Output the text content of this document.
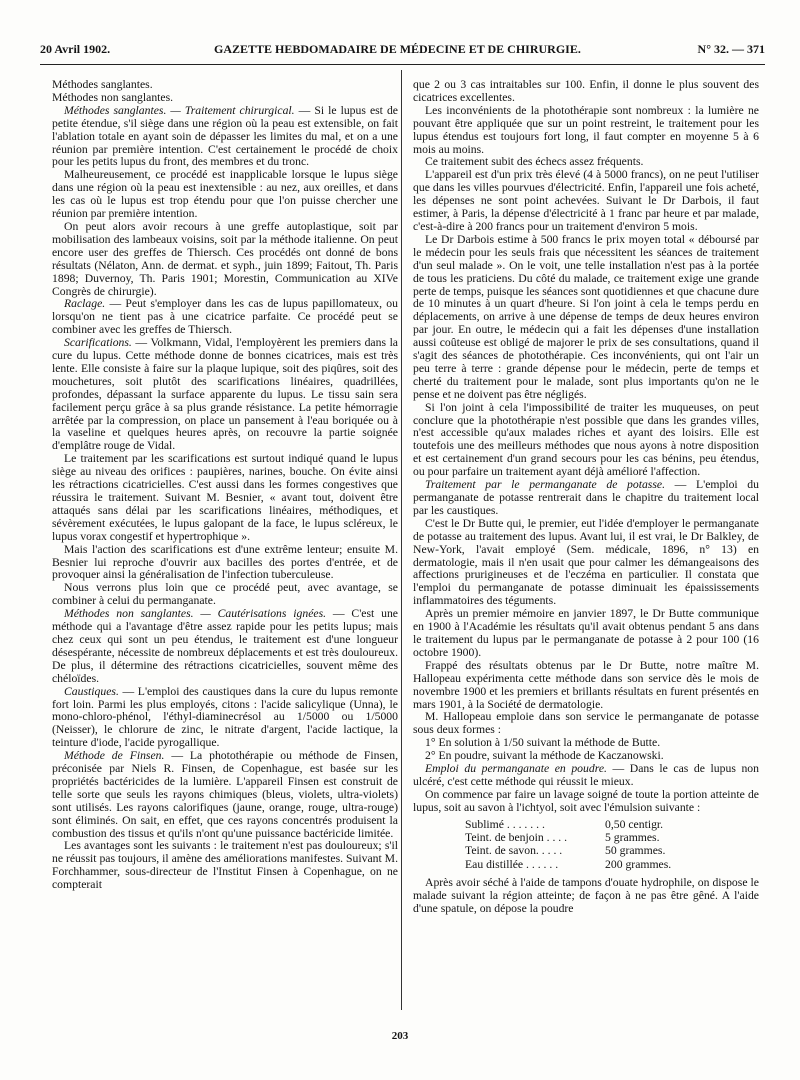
20 Avril 1902.	GAZETTE HEBDOMADAIRE DE MÉDECINE ET DE CHIRURGIE.	N° 32. — 371

Méthodes sanglantes.

Méthodes non sanglantes.

Méthodes sanglantes. — Traitement chirurgical. — Si le lupus est de petite étendue, s'il siège dans une région où la peau est extensible, on fait l'ablation totale en ayant soin de dépasser les limites du mal, et on a une réunion par première intention. C'est certainement le procédé de choix pour les petits lupus du front, des membres et du tronc.

Malheureusement, ce procédé est inapplicable lorsque le lupus siège dans une région où la peau est inextensible : au nez, aux oreilles, et dans les cas où le lupus est trop étendu pour que l'on puisse chercher une réunion par première intention.

On peut alors avoir recours à une greffe autoplastique, soit par mobilisation des lambeaux voisins, soit par la méthode italienne. On peut encore user des greffes de Thiersch. Ces procédés ont donné de bons résultats (Nélaton, Ann. de dermat. et syph., juin 1899; Faitout, Th. Paris 1898; Duvernoy, Th. Paris 1901; Morestin, Communication au XIVe Congrès de chirurgie).

Raclage. — Peut s'employer dans les cas de lupus papillomateux, ou lorsqu'on ne tient pas à une cicatrice parfaite. Ce procédé peut se combiner avec les greffes de Thiersch.

Scarifications. — Volkmann, Vidal, l'employèrent les premiers dans la cure du lupus. Cette méthode donne de bonnes cicatrices, mais est très lente. Elle consiste à faire sur la plaque lupique, soit des piqûres, soit des mouchetures, soit plutôt des scarifications linéaires, quadrillées, profondes, dépassant la surface apparente du lupus. Le tissu sain sera facilement perçu grâce à sa plus grande résistance. La petite hémorragie arrêtée par la compression, on place un pansement à l'eau boriquée ou à la vaseline et quelques heures après, on recouvre la partie soignée d'emplâtre rouge de Vidal.

Le traitement par les scarifications est surtout indiqué quand le lupus siège au niveau des orifices : paupières, narines, bouche. On évite ainsi les rétractions cicatricielles. C'est aussi dans les formes congestives que réussira le traitement. Suivant M. Besnier, « avant tout, doivent être attaqués sans délai par les scarifications linéaires, méthodiques, et sévèrement exécutées, le lupus galopant de la face, le lupus scléreux, le lupus vorax congestif et hypertrophique ».

Mais l'action des scarifications est d'une extrême lenteur; ensuite M. Besnier lui reproche d'ouvrir aux bacilles des portes d'entrée, et de provoquer ainsi la généralisation de l'infection tuberculeuse.

Nous verrons plus loin que ce procédé peut, avec avantage, se combiner à celui du permanganate.

Méthodes non sanglantes. — Cautérisations ignées. — C'est une méthode qui a l'avantage d'être assez rapide pour les petits lupus; mais chez ceux qui sont un peu étendus, le traitement est d'une longueur désespérante, nécessite de nombreux déplacements et est très douloureux. De plus, il détermine des rétractions cicatricielles, souvent même des chéloïdes.

Caustiques. — L'emploi des caustiques dans la cure du lupus remonte fort loin. Parmi les plus employés, citons : l'acide salicylique (Unna), le mono-chloro-phénol, l'éthyl-diaminecrésol au 1/5000 ou 1/5000 (Neisser), le chlorure de zinc, le nitrate d'argent, l'acide lactique, la teinture d'iode, l'acide pyrogallique.

Méthode de Finsen. — La photothérapie ou méthode de Finsen, préconisée par Niels R. Finsen, de Copenhague, est basée sur les propriétés bactéricides de la lumière. L'appareil Finsen est construit de telle sorte que seuls les rayons chimiques (bleus, violets, ultra-violets) sont utilisés. Les rayons calorifiques (jaune, orange, rouge, ultra-rouge) sont éliminés. On sait, en effet, que ces rayons concentrés produisent la combustion des tissus et qu'ils n'ont qu'une puissance bactéricide limitée.

Les avantages sont les suivants : le traitement n'est pas douloureux; s'il ne réussit pas toujours, il amène des améliorations manifestes. Suivant M. Forchhammer, sous-directeur de l'Institut Finsen à Copenhague, on ne compterait

que 2 ou 3 cas intraitables sur 100. Enfin, il donne le plus souvent des cicatrices excellentes.

Les inconvénients de la photothérapie sont nombreux : la lumière ne pouvant être appliquée que sur un point restreint, le traitement pour les lupus étendus est toujours fort long, il faut compter en moyenne 5 à 6 mois au moins.

Ce traitement subit des échecs assez fréquents.

L'appareil est d'un prix très élevé (4 à 5000 francs), on ne peut l'utiliser que dans les villes pourvues d'électricité. Enfin, l'appareil une fois acheté, les dépenses ne sont point achevées. Suivant le Dr Darbois, il faut estimer, à Paris, la dépense d'électricité à 1 franc par heure et par malade, c'est-à-dire à 200 francs pour un traitement d'environ 5 mois.

Le Dr Darbois estime à 500 francs le prix moyen total « déboursé par le médecin pour les seuls frais que nécessitent les séances de traitement d'un seul malade ». On le voit, une telle installation n'est pas à la portée de tous les praticiens. Du côté du malade, ce traitement exige une grande perte de temps, puisque les séances sont quotidiennes et que chacune dure de 10 minutes à un quart d'heure. Si l'on joint à cela le temps perdu en déplacements, on arrive à une dépense de temps de deux heures environ par jour. En outre, le médecin qui a fait les dépenses d'une installation aussi coûteuse est obligé de majorer le prix de ses consultations, quand il s'agit des séances de photothérapie. Ces inconvénients, qui ont l'air un peu terre à terre : grande dépense pour le médecin, perte de temps et cherté du traitement pour le malade, sont plus importants qu'on ne le pense et ne doivent pas être négligés.

Si l'on joint à cela l'impossibilité de traiter les muqueuses, on peut conclure que la photothérapie n'est possible que dans les grandes villes, n'est accessible qu'aux malades riches et ayant des loisirs. Elle est toutefois une des meilleurs méthodes que nous ayons à notre disposition et est certainement d'un grand secours pour les cas bénins, peu étendus, ou pour parfaire un traitement ayant déjà amélioré l'affection.

Traitement par le permanganate de potasse. — L'emploi du permanganate de potasse rentrerait dans le chapitre du traitement local par les caustiques.

C'est le Dr Butte qui, le premier, eut l'idée d'employer le permanganate de potasse au traitement des lupus. Avant lui, il est vrai, le Dr Balkley, de New-York, l'avait employé (Sem. médicale, 1896, n° 13) en dermatologie, mais il n'en usait que pour calmer les démangeaisons des affections prurigineuses et de l'eczéma en particulier. Il constata que l'emploi du permanganate de potasse diminuait les épaississements inflammatoires des téguments.

Après un premier mémoire en janvier 1897, le Dr Butte communique en 1900 à l'Académie les résultats qu'il avait obtenus pendant 5 ans dans le traitement du lupus par le permanganate de potasse à 2 pour 100 (16 octobre 1900).

Frappé des résultats obtenus par le Dr Butte, notre maître M. Hallopeau expérimenta cette méthode dans son service dès le mois de novembre 1900 et les premiers et brillants résultats en furent présentés en mars 1901, à la Société de dermatologie.

M. Hallopeau emploie dans son service le permanganate de potasse sous deux formes :

1° En solution à 1/50 suivant la méthode de Butte.

2° En poudre, suivant la méthode de Kaczanowski.

Emploi du permanganate en poudre. — Dans le cas de lupus non ulcéré, c'est cette méthode qui réussit le mieux.

On commence par faire un lavage soigné de toute la portion atteinte de lupus, soit au savon à l'ichtyol, soit avec l'émulsion suivante :

Sublimé . . . . . . .	0,50 centigr.
Teint. de benjoin . . . .	5 grammes.
Teint. de savon. . . . .	50 grammes.
Eau distillée . . . . . .	200 grammes.

Après avoir séché à l'aide de tampons d'ouate hydrophile, on dispose le malade suivant la région atteinte; de façon à ne pas être gêné. A l'aide d'une spatule, on dépose la poudre

203
